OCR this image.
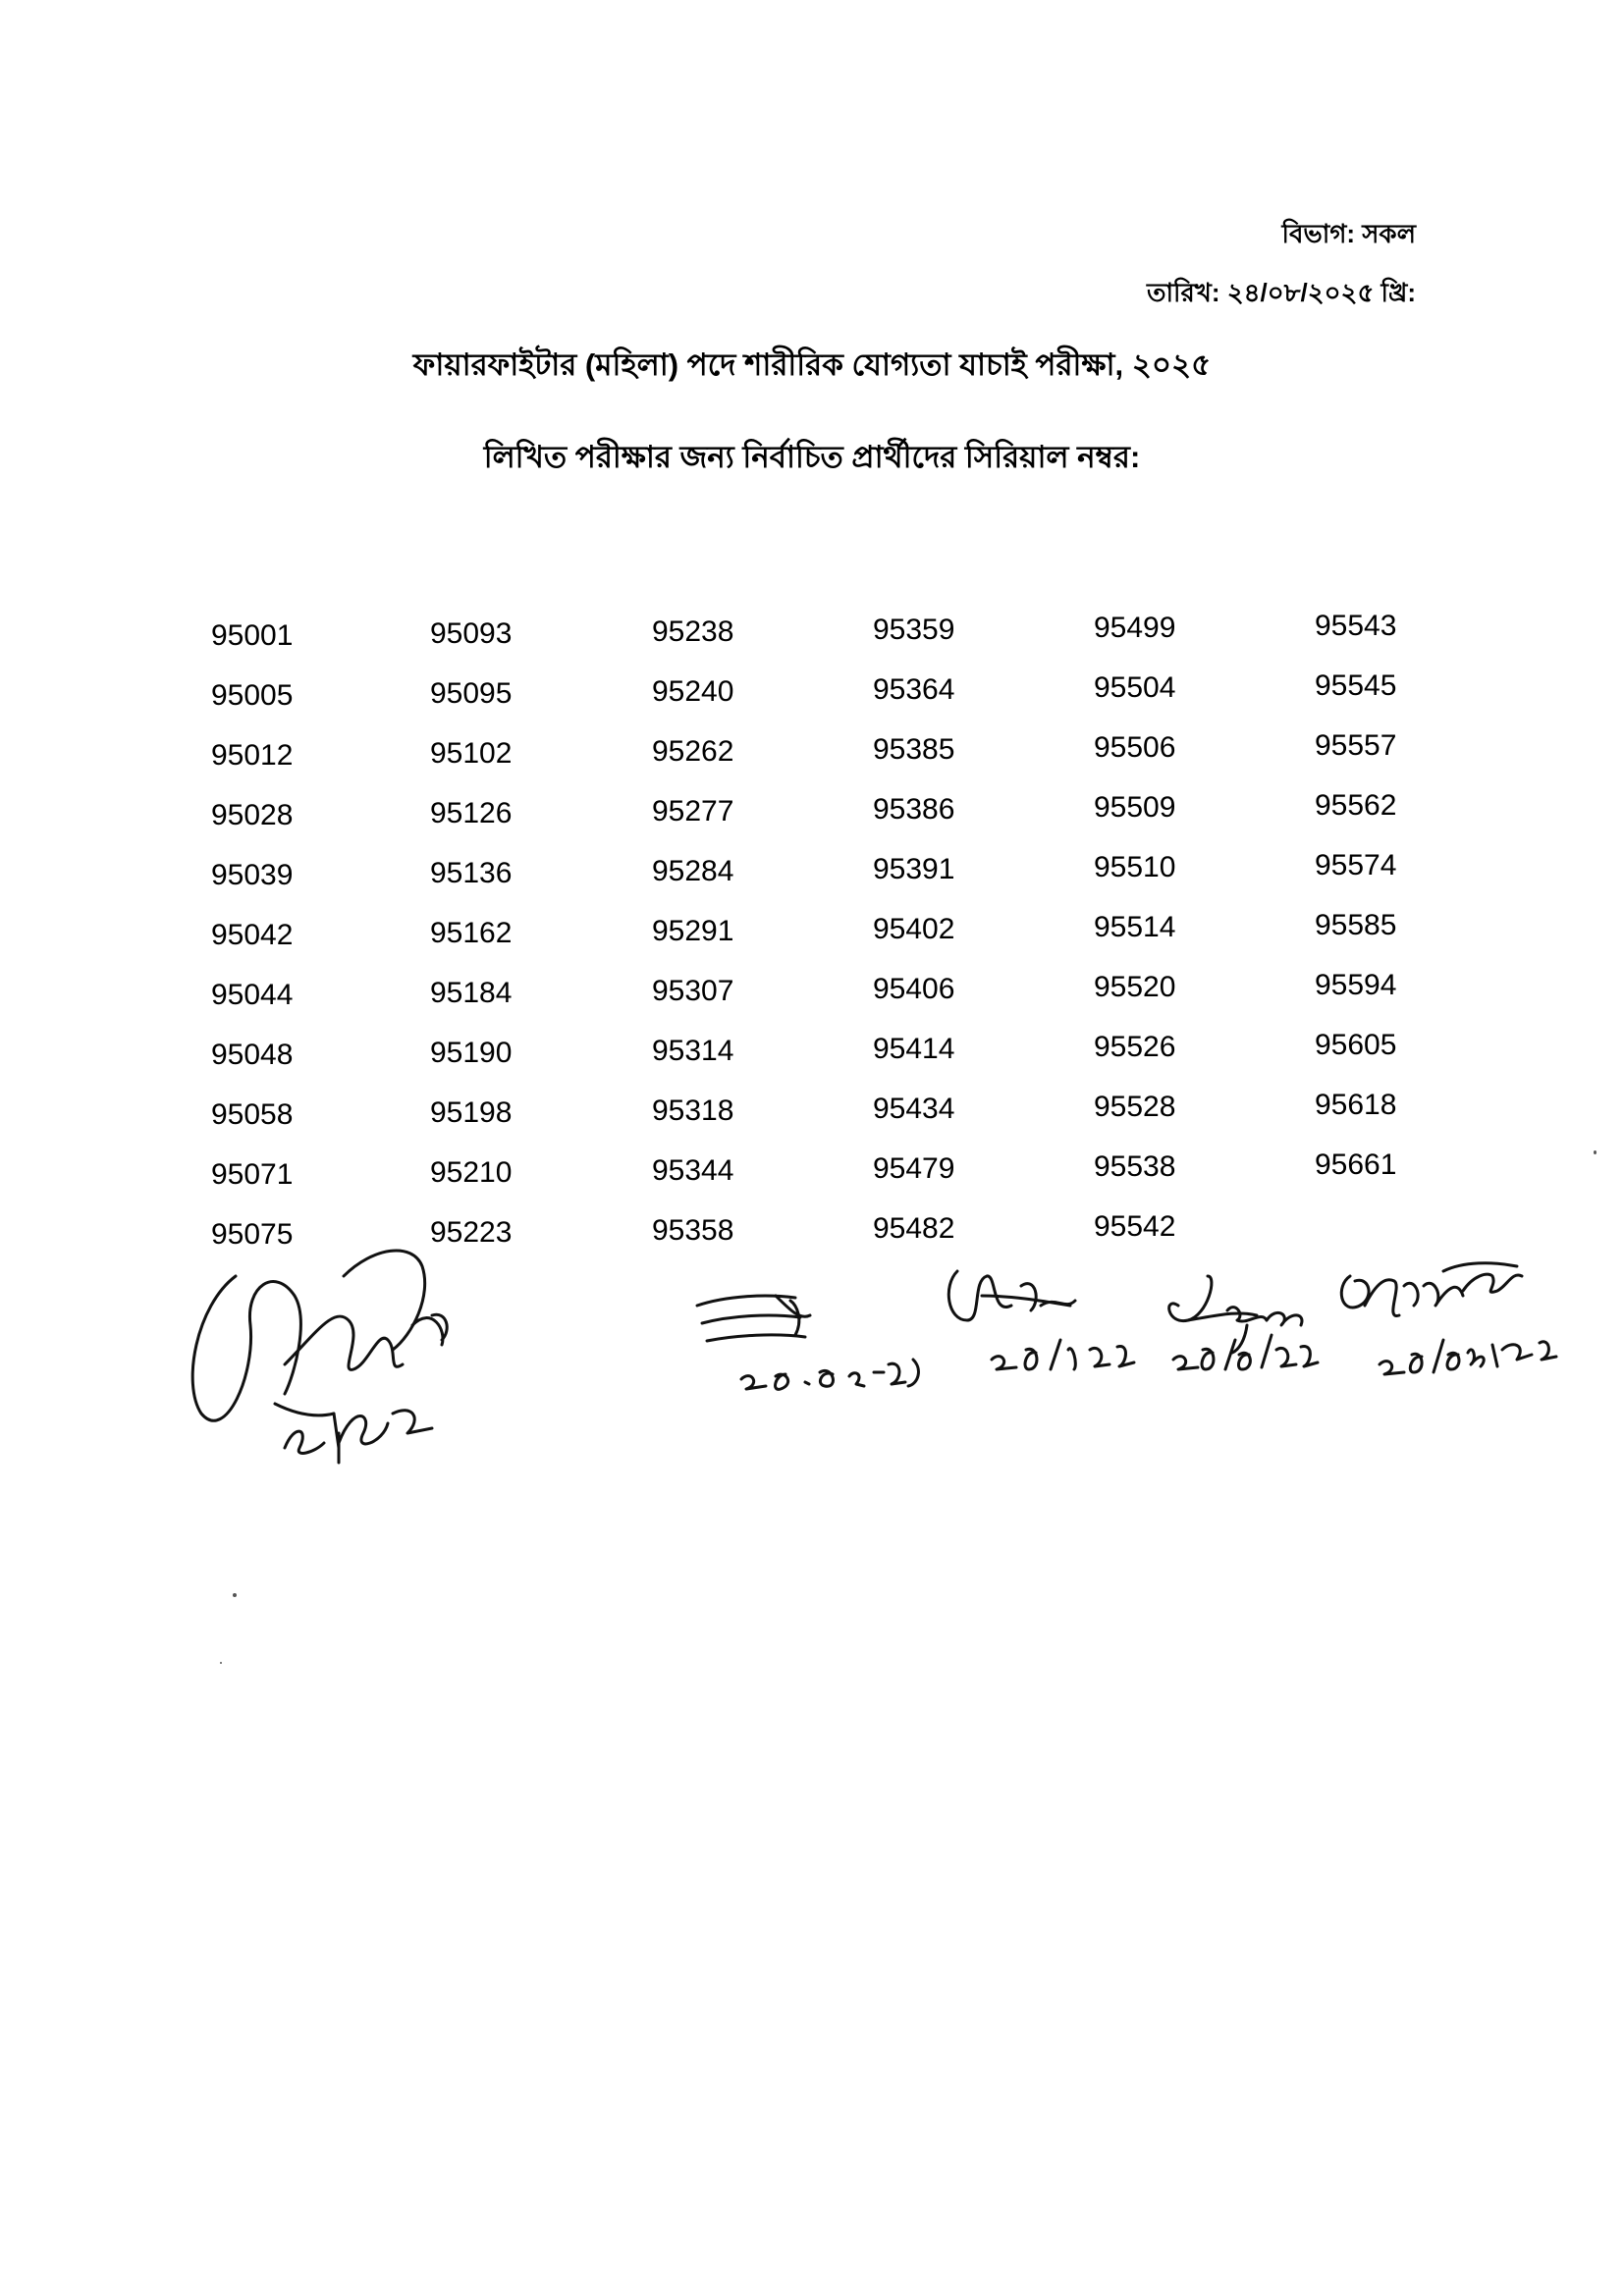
বিভাগ: সকল
তারিখ: ২৪/০৮/২০২৫ খ্রি:
ফায়ারফাইটার (মহিলা) পদে শারীরিক যোগ্যতা যাচাই পরীক্ষা, ২০২৫
লিখিত পরীক্ষার জন্য নির্বাচিত প্রার্থীদের সিরিয়াল নম্বর:
95001
95005
95012
95028
95039
95042
95044
95048
95058
95071
95075
95093
95095
95102
95126
95136
95162
95184
95190
95198
95210
95223
95238
95240
95262
95277
95284
95291
95307
95314
95318
95344
95358
95359
95364
95385
95386
95391
95402
95406
95414
95434
95479
95482
95499
95504
95506
95509
95510
95514
95520
95526
95528
95538
95542
95543
95545
95557
95562
95574
95585
95594
95605
95618
95661
